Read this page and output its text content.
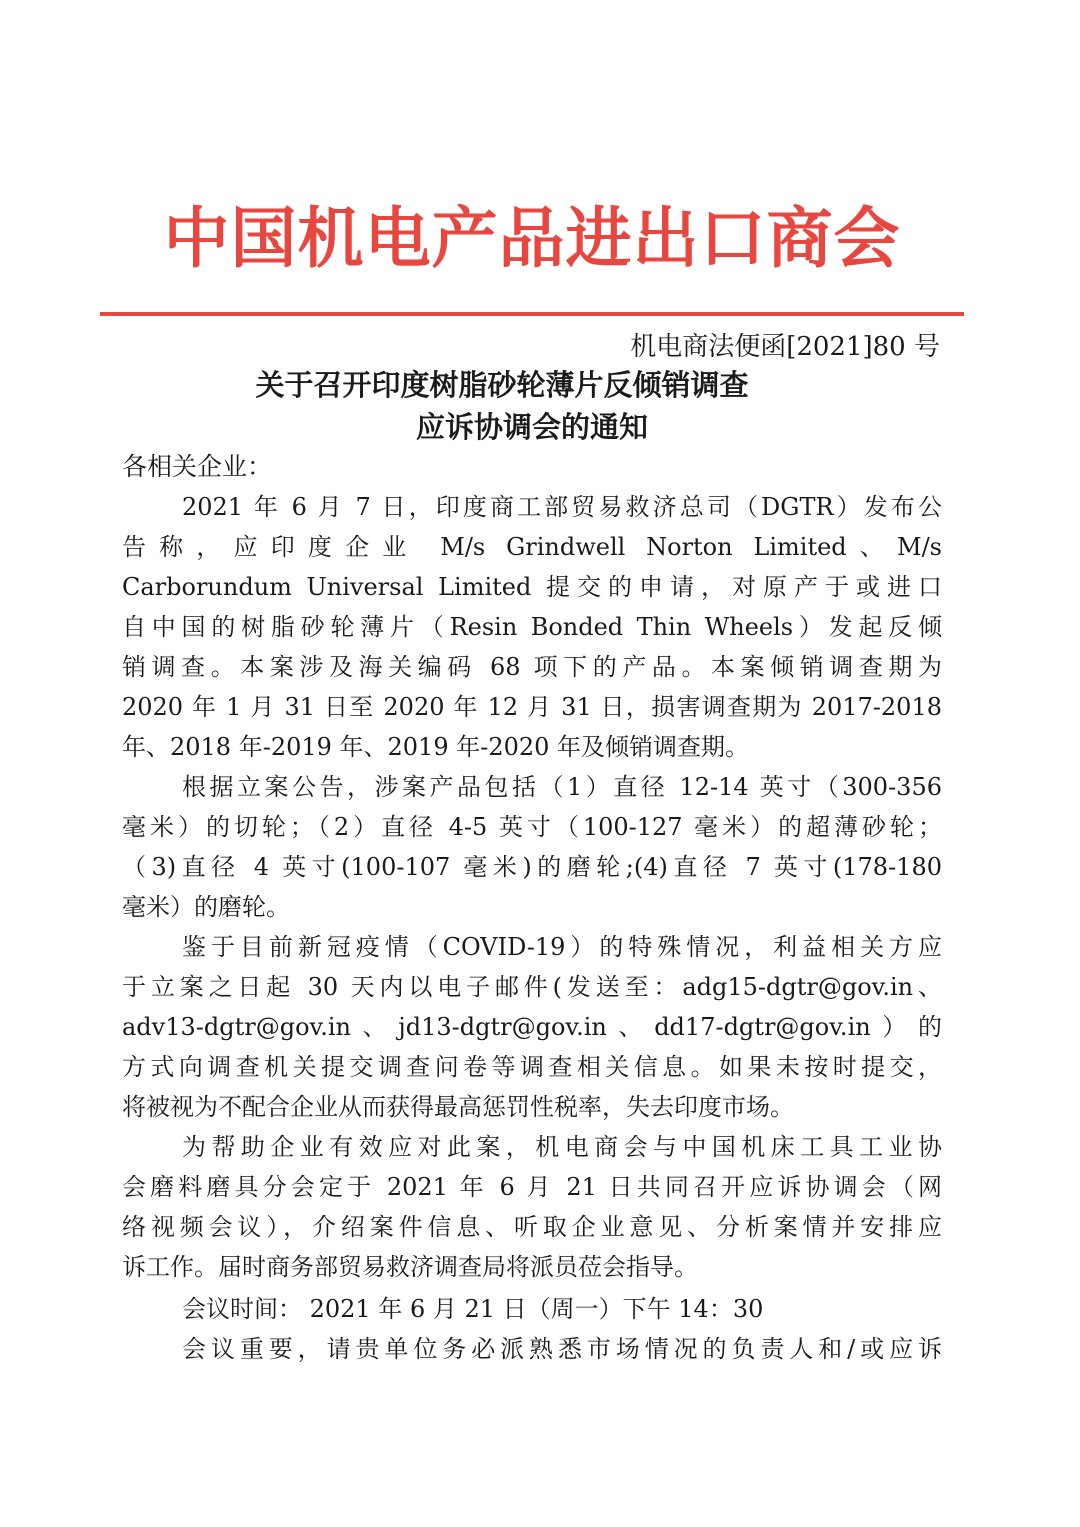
中国机电产品进出口商会
机电商法便函[2021]80 号
关于召开印度树脂砂轮薄片反倾销调查
应诉协调会的通知
各相关企业：
2021 年 6 月 7 日，印度商工部贸易救济总司（DGTR）发布公
告称，应印度企业 M/s Grindwell Norton Limited、M/s
Carborundum Universal Limited 提交的申请，对原产于或进口
自中国的树脂砂轮薄片（Resin Bonded Thin Wheels）发起反倾
销调查。本案涉及海关编码 68 项下的产品。本案倾销调查期为
2020 年 1 月 31 日至 2020 年 12 月 31 日，损害调查期为 2017-2018
年、2018 年-2019 年、2019 年-2020 年及倾销调查期。
根据立案公告，涉案产品包括（1）直径 12-14 英寸（300-356
毫米）的切轮；（2）直径 4-5 英寸（100-127 毫米）的超薄砂轮；
（3)直径 4 英寸(100-107 毫米)的磨轮;(4)直径 7 英寸(178-180
毫米）的磨轮。
鉴于目前新冠疫情（COVID-19）的特殊情况，利益相关方应
于立案之日起 30 天内以电子邮件(发送至：adg15-dgtr@gov.in、
adv13-dgtr@gov.in、jd13-dgtr@gov.in、dd17-dgtr@gov.in）的
方式向调查机关提交调查问卷等调查相关信息。如果未按时提交，
将被视为不配合企业从而获得最高惩罚性税率，失去印度市场。
为帮助企业有效应对此案，机电商会与中国机床工具工业协
会磨料磨具分会定于 2021 年 6 月 21 日共同召开应诉协调会（网
络视频会议），介绍案件信息、听取企业意见、分析案情并安排应
诉工作。届时商务部贸易救济调查局将派员莅会指导。
会议时间： 2021 年 6 月 21 日（周一）下午 14：30
会议重要，请贵单位务必派熟悉市场情况的负责人和/或应诉
